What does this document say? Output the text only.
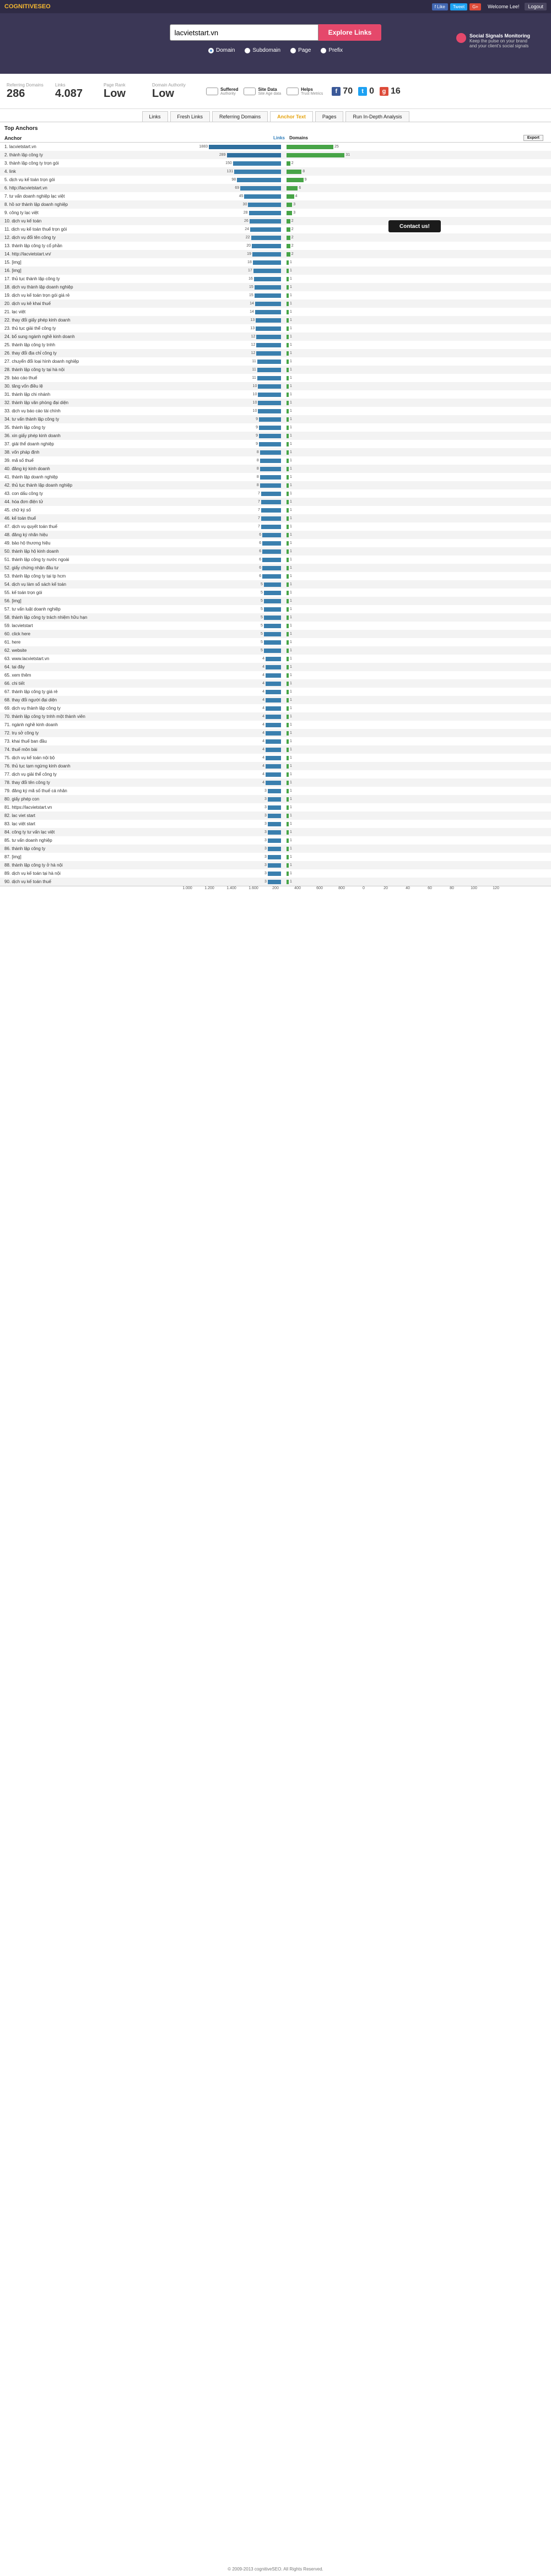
COGNITIVESEO	f Like	Tweet	G+	Welcome Lee!	Logout
lacvietstart.vn
Explore Links
Domain	Subdomain	Page	Prefix
Social Signals Monitoring
Keep the pulse on your brand and your client's social signals
Referring Domains
286
Links
4.087
Page Rank
Low
Domain Authority
Low	Suffered
Authority
Site Data
Site Age data
Helps
Trust Metrics	f 70	t 0	g 16
Links	Fresh Links	Referring Domains	Anchor Text	Pages	Run In-Depth Analysis
Top Anchors
Anchor	Links Domains	Export
1. lacvietstart.vn	1883	25
2. thành lập công ty	289	31
3. thành lập công ty trọn gói	150	2
4. link	131	8
5. dịch vụ kế toán trọn gói	98	9
6. http://lacvietstart.vn	69	6
7. tư vấn doanh nghiệp lạc việt	45	4
8. hồ sơ thành lập doanh nghiệp	30	3
9. công ty lạc việt	28	3
10. dịch vụ kế toán	26	2
11. dịch vụ kế toán thuế trọn gói	24	2
12. dịch vụ đổi tên công ty	22	2
13. thành lập công ty cổ phần	20	2
14. http://lacvietstart.vn/	19	2
15. [img]	18	1
16. [img]	17	1
17. thủ tục thành lập công ty	16	1
18. dịch vụ thành lập doanh nghiệp	15	1
19. dịch vụ kế toán trọn gói giá rẻ	15	1
20. dịch vụ kê khai thuế	14	1
21. lạc việt	14	1
22. thay đổi giấy phép kinh doanh	13	1
23. thủ tục giải thể công ty	13	1
24. bổ sung ngành nghề kinh doanh	12	1
25. thành lập công ty tnhh	12	1
26. thay đổi địa chỉ công ty	12	1
27. chuyển đổi loại hình doanh nghiệp	11	1
28. thành lập công ty tại hà nội	11	1
29. báo cáo thuế	11	1
30. tăng vốn điều lệ	10	1
31. thành lập chi nhánh	10	1
32. thành lập văn phòng đại diện	10	1
33. dịch vụ báo cáo tài chính	10	1
34. tư vấn thành lập công ty	9	1
35. thành lập công ty	9	1
36. xin giấy phép kinh doanh	9	1
37. giải thể doanh nghiệp	9	1
38. vốn pháp định	8	1
39. mã số thuế	8	1
40. đăng ký kinh doanh	8	1
41. thành lập doanh nghiệp	8	1
42. thủ tục thành lập doanh nghiệp	8	1
43. con dấu công ty	7	1
44. hóa đơn điện tử	7	1
45. chữ ký số	7	1
46. kế toán thuế	7	1
47. dịch vụ quyết toán thuế	7	1
48. đăng ký nhãn hiệu	6	1
49. bảo hộ thương hiệu	6	1
50. thành lập hộ kinh doanh	6	1
51. thành lập công ty nước ngoài	6	1
52. giấy chứng nhận đầu tư	6	1
53. thành lập công ty tại tp hcm	6	1
54. dịch vụ làm sổ sách kế toán	5	1
55. kế toán trọn gói	5	1
56. [img]	5	1
57. tư vấn luật doanh nghiệp	5	1
58. thành lập công ty trách nhiệm hữu hạn	5	1
59. lacvietstart	5	1
60. click here	5	1
61. here	5	1
62. website	5	1
63. www.lacvietstart.vn	4	1
64. tại đây	4	1
65. xem thêm	4	1
66. chi tiết	4	1
67. thành lập công ty giá rẻ	4	1
68. thay đổi người đại diện	4	1
69. dịch vụ thành lập công ty	4	1
70. thành lập công ty tnhh một thành viên	4	1
71. ngành nghề kinh doanh	4	1
72. trụ sở công ty	4	1
73. khai thuế ban đầu	4	1
74. thuế môn bài	4	1
75. dịch vụ kế toán nội bộ	4	1
76. thủ tục tạm ngừng kinh doanh	4	1
77. dịch vụ giải thể công ty	4	1
78. thay đổi tên công ty	4	1
79. đăng ký mã số thuế cá nhân	3	1
80. giấy phép con	3	1
81. https://lacvietstart.vn	3	1
82. lac viet start	3	1
83. lạc việt start	3	1
84. công ty tư vấn lạc việt	3	1
85. tư vấn doanh nghiệp	3	1
86. thành lập công ty	3	1
87. [img]	3	1
88. thành lập công ty ở hà nội	3	1
89. dịch vụ kế toán tại hà nội	3	1
90. dịch vụ kế toán thuế	3	1
1.000	1.200	1.400	1.600	200	400	600	800	0	20	40	60	80	100	120
Contact us!
© 2009-2013 cognitiveSEO. All Rights Reserved.
